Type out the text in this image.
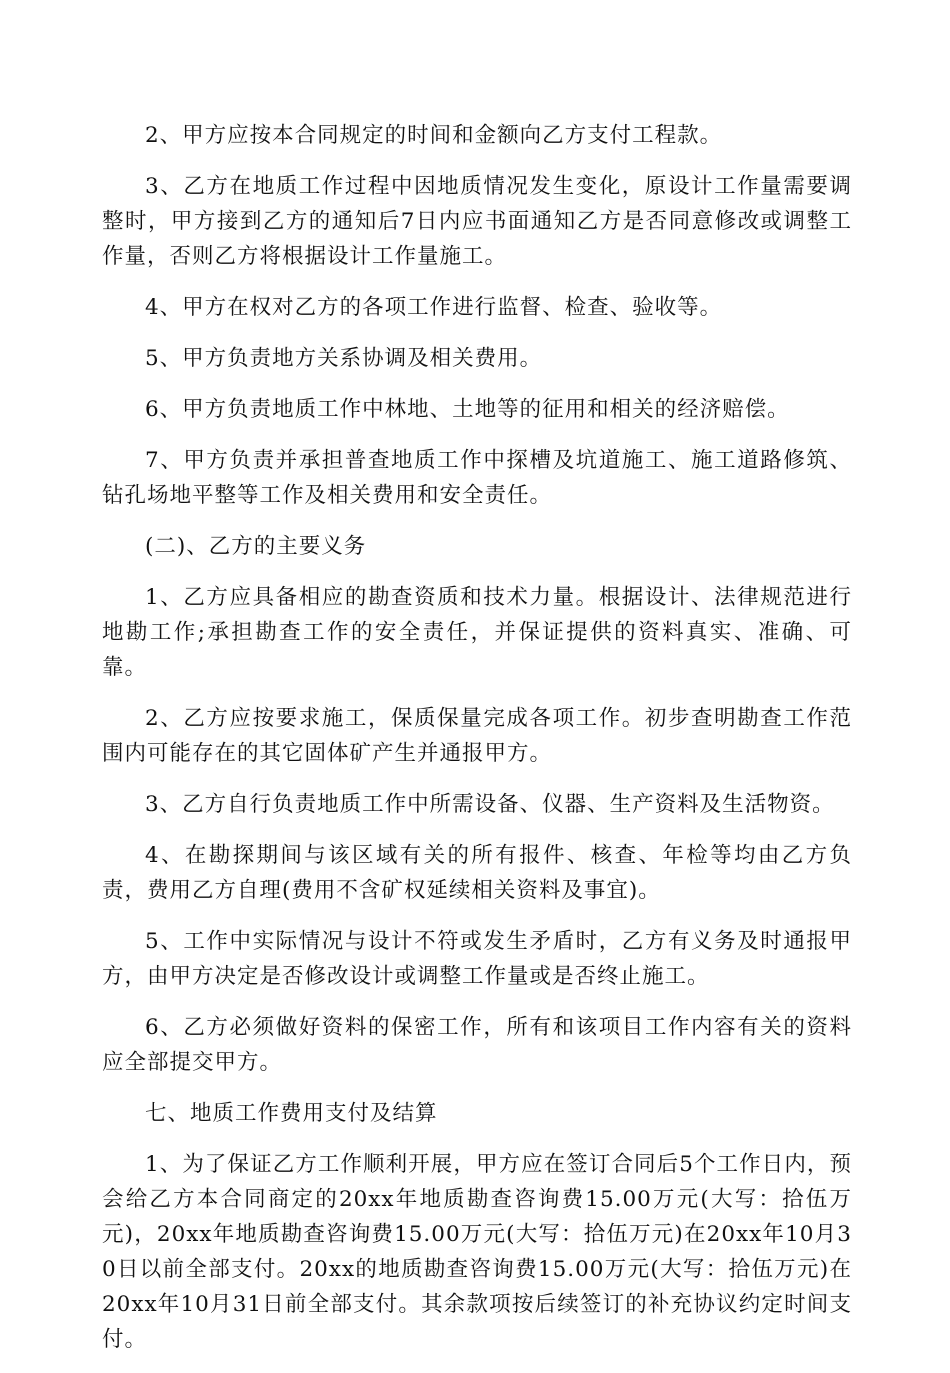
2、甲方应按本合同规定的时间和金额向乙方支付工程款。

3、乙方在地质工作过程中因地质情况发生变化，原设计工作量需要调整时，甲方接到乙方的通知后7日内应书面通知乙方是否同意修改或调整工作量，否则乙方将根据设计工作量施工。

4、甲方在权对乙方的各项工作进行监督、检查、验收等。

5、甲方负责地方关系协调及相关费用。

6、甲方负责地质工作中林地、土地等的征用和相关的经济赔偿。

7、甲方负责并承担普查地质工作中探槽及坑道施工、施工道路修筑、钻孔场地平整等工作及相关费用和安全责任。

(二)、乙方的主要义务

1、乙方应具备相应的勘查资质和技术力量。根据设计、法律规范进行地勘工作;承担勘查工作的安全责任，并保证提供的资料真实、准确、可靠。

2、乙方应按要求施工，保质保量完成各项工作。初步查明勘查工作范围内可能存在的其它固体矿产生并通报甲方。

3、乙方自行负责地质工作中所需设备、仪器、生产资料及生活物资。

4、在勘探期间与该区域有关的所有报件、核查、年检等均由乙方负责，费用乙方自理(费用不含矿权延续相关资料及事宜)。

5、工作中实际情况与设计不符或发生矛盾时，乙方有义务及时通报甲方，由甲方决定是否修改设计或调整工作量或是否终止施工。

6、乙方必须做好资料的保密工作，所有和该项目工作内容有关的资料应全部提交甲方。

七、地质工作费用支付及结算

1、为了保证乙方工作顺利开展，甲方应在签订合同后5个工作日内，预会给乙方本合同商定的20xx年地质勘查咨询费15.00万元(大写：拾伍万元)，20xx年地质勘查咨询费15.00万元(大写：拾伍万元)在20xx年10月30日以前全部支付。20xx的地质勘查咨询费15.00万元(大写：拾伍万元)在20xx年10月31日前全部支付。其余款项按后续签订的补充协议约定时间支付。
